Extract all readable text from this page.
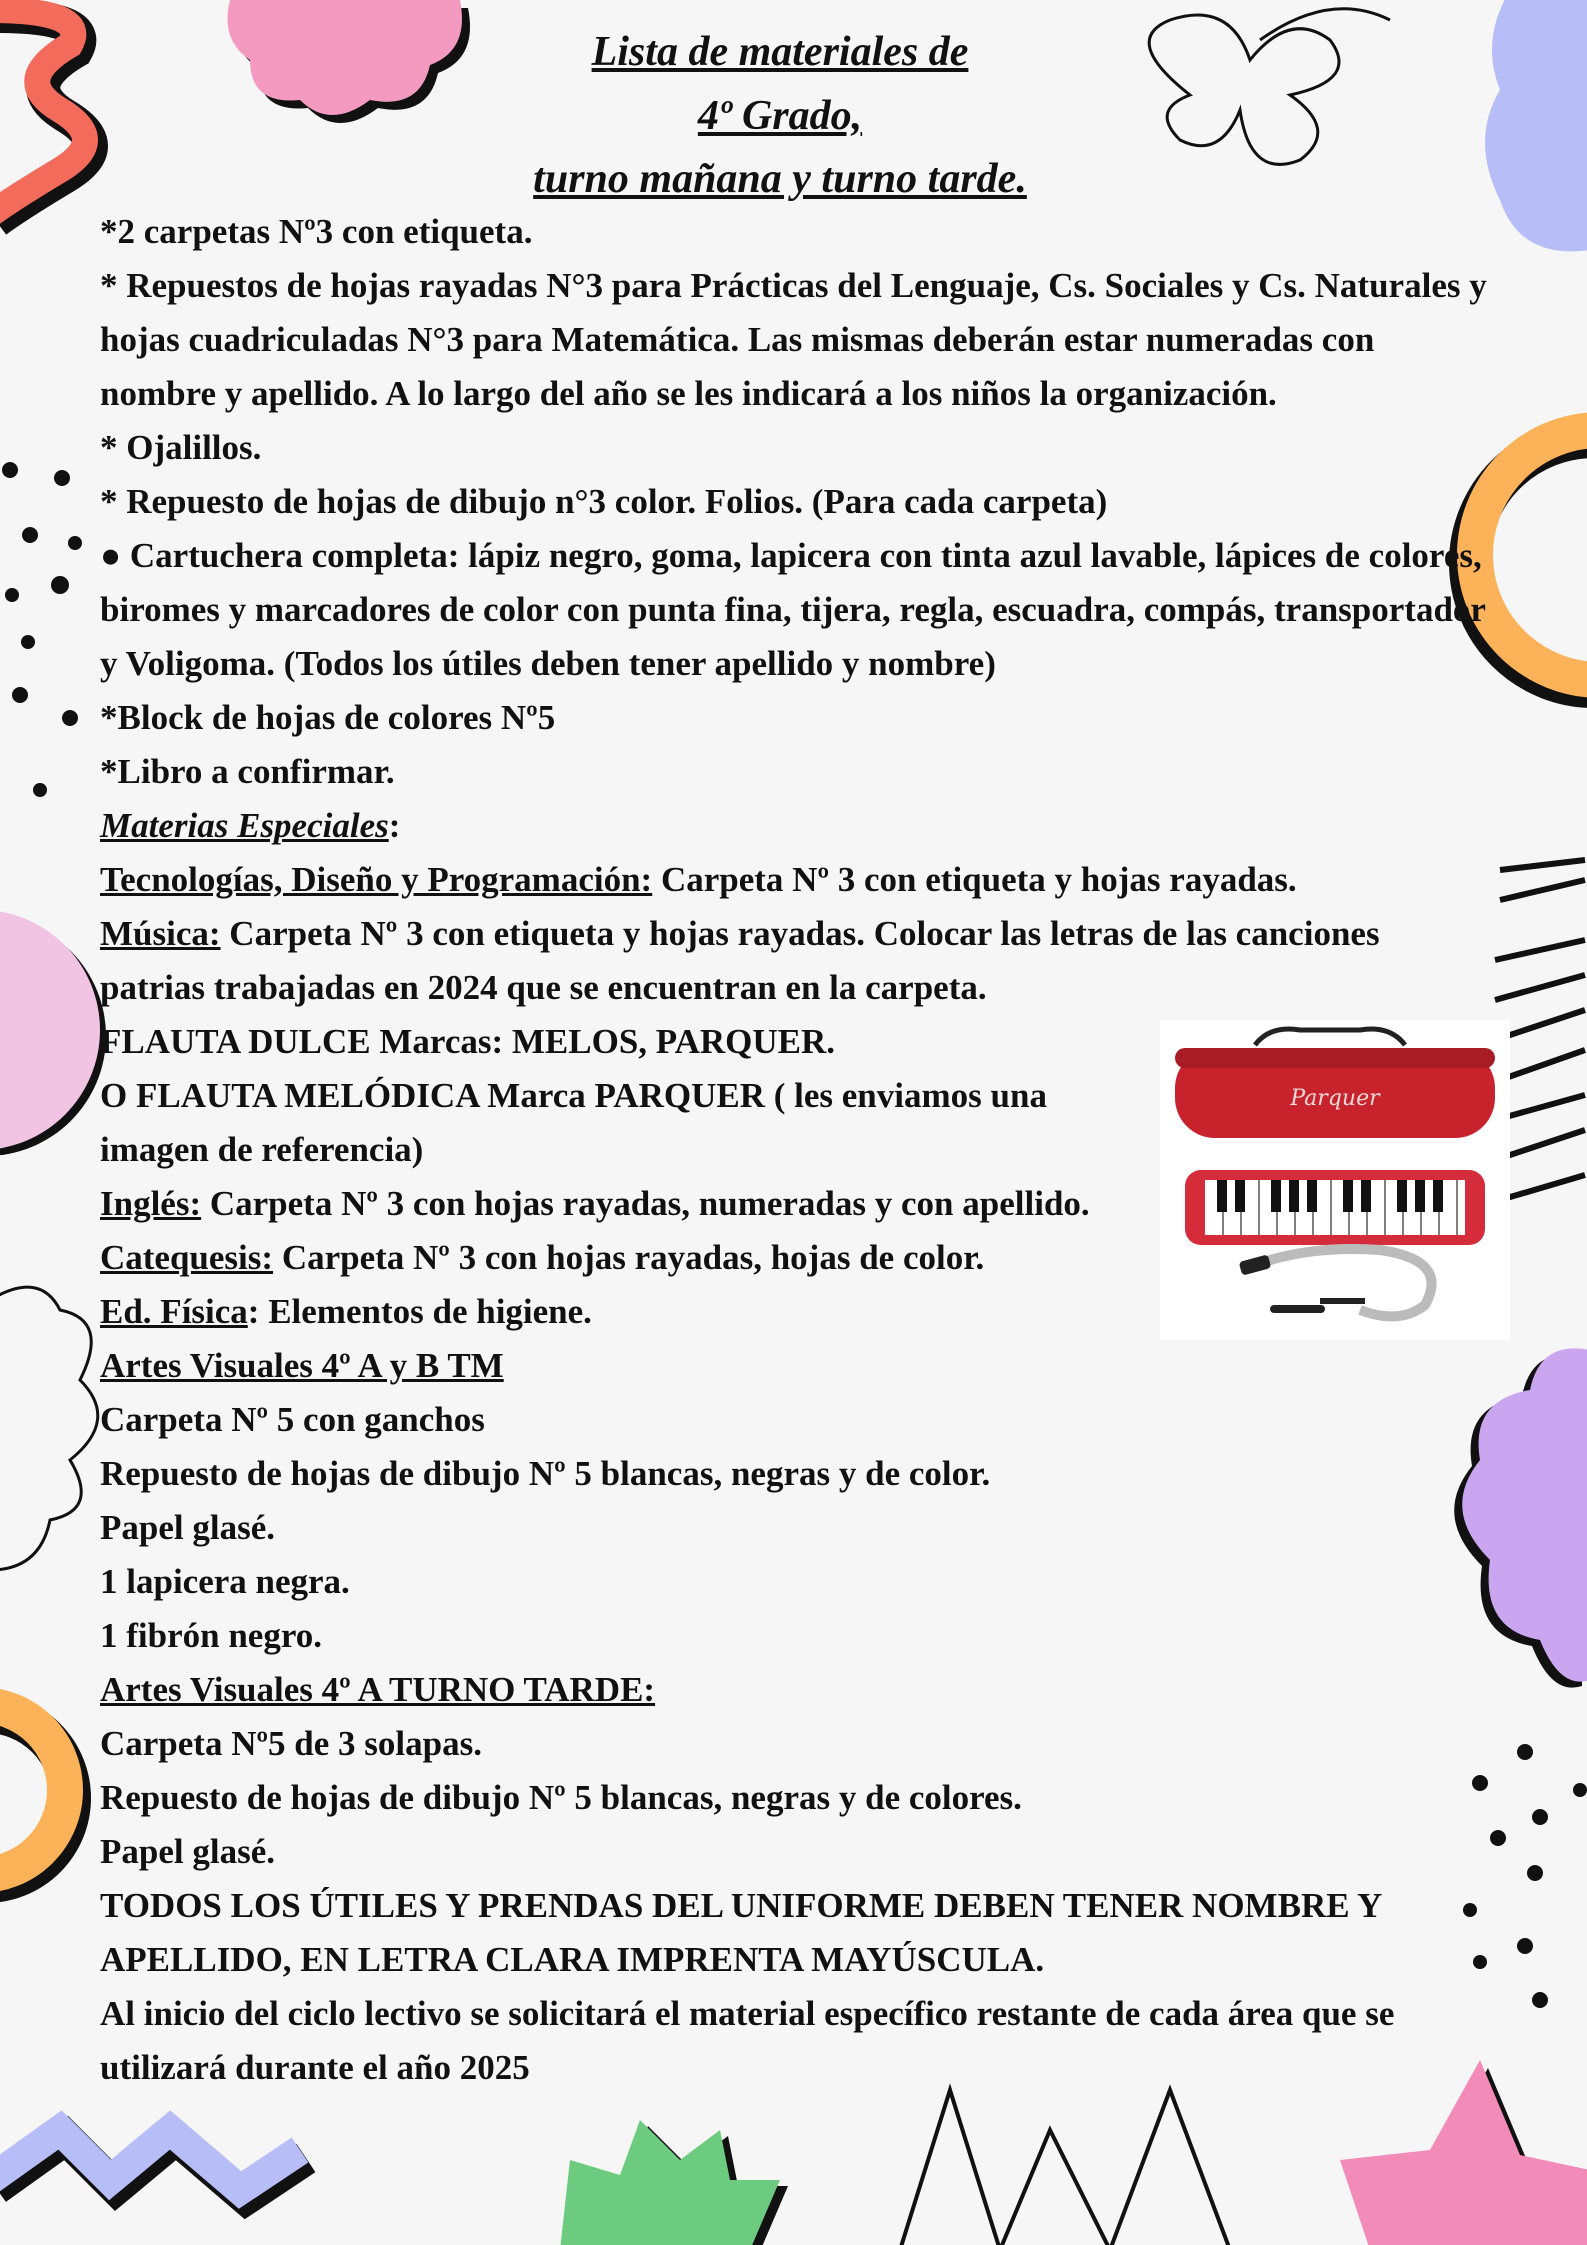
Lista de materiales de
4º Grado,
turno mañana y turno tarde.

*2 carpetas Nº3 con etiqueta.

* Repuestos de hojas rayadas N°3 para Prácticas del Lenguaje, Cs. Sociales y Cs. Naturales y hojas cuadriculadas N°3 para Matemática. Las mismas deberán estar numeradas con nombre y apellido. A lo largo del año se les indicará a los niños la organización.

* Ojalillos.

* Repuesto de hojas de dibujo n°3 color. Folios. (Para cada carpeta)

● Cartuchera completa: lápiz negro, goma, lapicera con tinta azul lavable, lápices de colores, biromes y marcadores de color con punta fina, tijera, regla, escuadra, compás, transportador y Voligoma. (Todos los útiles deben tener apellido y nombre)

*Block de hojas de colores Nº5

*Libro a confirmar.

Materias Especiales:

Tecnologías, Diseño y Programación: Carpeta Nº 3 con etiqueta y hojas rayadas.

Música: Carpeta Nº 3 con etiqueta y hojas rayadas. Colocar las letras de las canciones patrias trabajadas en 2024 que se encuentran en la carpeta.

FLAUTA DULCE Marcas: MELOS, PARQUER.

O FLAUTA MELÓDICA Marca PARQUER ( les enviamos una

imagen de referencia)

Inglés: Carpeta Nº 3 con hojas rayadas, numeradas y con apellido.

Catequesis: Carpeta Nº 3 con hojas rayadas, hojas de color.

Ed. Física: Elementos de higiene.

Artes Visuales 4º A y B TM

Carpeta Nº 5 con ganchos

Repuesto de hojas de dibujo Nº 5 blancas, negras y de color.

Papel glasé.

1 lapicera negra.

1 fibrón negro.

Artes Visuales 4º A TURNO TARDE:

Carpeta Nº5 de 3 solapas.

Repuesto de hojas de dibujo Nº 5 blancas, negras y de colores.

Papel glasé.

TODOS LOS ÚTILES Y PRENDAS DEL UNIFORME DEBEN TENER NOMBRE Y APELLIDO, EN LETRA CLARA IMPRENTA MAYÚSCULA.

Al inicio del ciclo lectivo se solicitará el material específico restante de cada área que se utilizará durante el año 2025

Parquer
